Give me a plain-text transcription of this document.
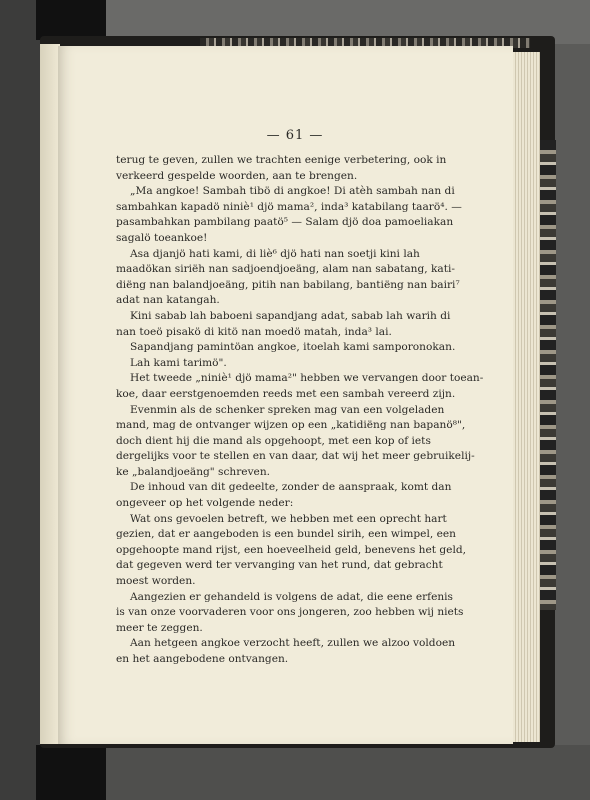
— 61 —
terug te geven, zullen we trachten eenige verbetering, ook in
verkeerd gespelde woorden, aan te brengen.
„Ma angkoe! Sambah tibö di angkoe! Di atèh sambah nan di
sambahkan kapadö niniè¹ djö mama², inda³ katabilang taarö⁴. —
pasambahkan pambilang paatö⁵ — Salam djö doa pamoeliakan
sagalö toeankoe!
Asa djanjö hati kami, di liè⁶ djö hati nan soetji kini lah
maadökan siriëh nan sadjoendjoeäng, alam nan sabatang, kati-
diëng nan balandjoeäng, pitih nan babilang, bantiëng nan bairi⁷
adat nan katangah.
Kini sabab lah baboeni sapandjang adat, sabab lah warih di
nan toeö pisakö di kitö nan moedö matah, inda³ lai.
Sapandjang pamintöan angkoe, itoelah kami samporonokan.
Lah kami tarimö".
Het tweede „niniè¹ djö mama²" hebben we vervangen door toean-
koe, daar eerstgenoemden reeds met een sambah vereerd zijn.
Evenmin als de schenker spreken mag van een volgeladen
mand, mag de ontvanger wijzen op een „katidiëng nan bapanö⁸",
doch dient hij die mand als opgehoopt, met een kop of iets
dergelijks voor te stellen en van daar, dat wij het meer gebruikelij-
ke „balandjoeäng" schreven.
De inhoud van dit gedeelte, zonder de aanspraak, komt dan
ongeveer op het volgende neder:
Wat ons gevoelen betreft, we hebben met een oprecht hart
gezien, dat er aangeboden is een bundel sirih, een wimpel, een
opgehoopte mand rijst, een hoeveelheid geld, benevens het geld,
dat gegeven werd ter vervanging van het rund, dat gebracht
moest worden.
Aangezien er gehandeld is volgens de adat, die eene erfenis
is van onze voorvaderen voor ons jongeren, zoo hebben wij niets
meer te zeggen.
Aan hetgeen angkoe verzocht heeft, zullen we alzoo voldoen
en het aangebodene ontvangen.
